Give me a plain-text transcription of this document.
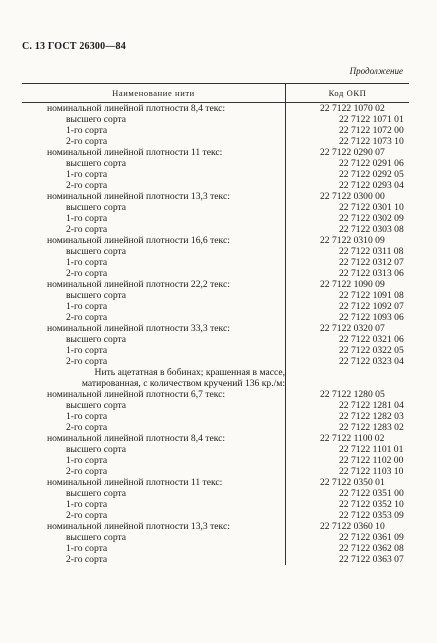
С. 13 ГОСТ 26300—84
Продолжение
Наименование нити	Код ОКП
номинальной линейной плотности 8,4 текс:	22 7122 1070 02
высшего сорта	22 7122 1071 01
1-го сорта	22 7122 1072 00
2-го сорта	22 7122 1073 10
номинальной линейной плотности 11 текс:	22 7122 0290 07
высшего сорта	22 7122 0291 06
1-го сорта	22 7122 0292 05
2-го сорта	22 7122 0293 04
номинальной линейной плотности 13,3 текс:	22 7122 0300 00
высшего сорта	22 7122 0301 10
1-го сорта	22 7122 0302 09
2-го сорта	22 7122 0303 08
номинальной линейной плотности 16,6 текс:	22 7122 0310 09
высшего сорта	22 7122 0311 08
1-го сорта	22 7122 0312 07
2-го сорта	22 7122 0313 06
номинальной линейной плотности 22,2 текс:	22 7122 1090 09
высшего сорта	22 7122 1091 08
1-го сорта	22 7122 1092 07
2-го сорта	22 7122 1093 06
номинальной линейной плотности 33,3 текс:	22 7122 0320 07
высшего сорта	22 7122 0321 06
1-го сорта	22 7122 0322 05
2-го сорта	22 7122 0323 04
Нить ацетатная в бобинах; крашенная в массе,
матированная, с количеством кручений 136 кр./м:
номинальной линейной плотности 6,7 текс:	22 7122 1280 05
высшего сорта	22 7122 1281 04
1-го сорта	22 7122 1282 03
2-го сорта	22 7122 1283 02
номинальной линейной плотности 8,4 текс:	22 7122 1100 02
высшего сорта	22 7122 1101 01
1-го сорта	22 7122 1102 00
2-го сорта	22 7122 1103 10
номинальной линейной плотности 11 текс:	22 7122 0350 01
высшего сорта	22 7122 0351 00
1-го сорта	22 7122 0352 10
2-го сорта	22 7122 0353 09
номинальной линейной плотности 13,3 текс:	22 7122 0360 10
высшего сорта	22 7122 0361 09
1-го сорта	22 7122 0362 08
2-го сорта	22 7122 0363 07
